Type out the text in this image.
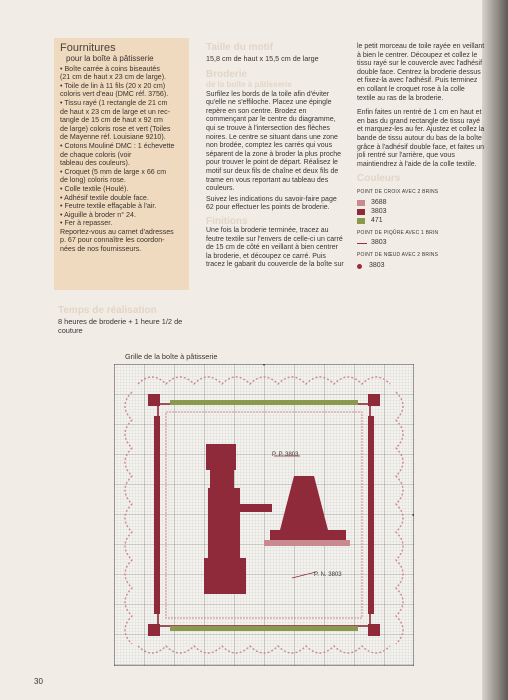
Fournitures
pour la boîte à pâtisserie
• Boîte carrée à coins biseautés
(21 cm de haut x 23 cm de large).
• Toile de lin à 11 fils (20 x 20 cm)
coloris vert d'eau (DMC réf. 3756).
• Tissu rayé (1 rectangle de 21 cm
de haut x 23 cm de large et un rec-
tangle de 15 cm de haut x 92 cm
de large) coloris rose et vert (Toiles
de Mayenne réf. Louisiane 9210).
• Cotons Mouliné DMC : 1 échevette
de chaque coloris (voir
tableau des couleurs).
• Croquet (5 mm de large x 66 cm
de long) coloris rose.
• Colle textile (Houlé).
• Adhésif textile double face.
• Feutre textile effaçable à l'air.
• Aiguille à broder n° 24.
• Fer à repasser.
Reportez-vous au carnet d'adresses
p. 67 pour connaître les coordon-
nées de nos fournisseurs.
Temps de réalisation
8 heures de broderie + 1 heure 1/2 de couture
Taille du motif
15,8 cm de haut x 15,5 cm de large
Broderie
de la boîte à pâtisserie

Surfilez les bords de la toile afin d'éviter qu'elle ne s'effiloche. Placez une épingle repère en son centre. Brodez en commençant par le centre du diagramme, qui se trouve à l'intersection des flèches noires. Le centre se situant dans une zone non brodée, comptez les carrés qui vous séparent de la zone à broder la plus proche pour trouver le point de départ. Réalisez le motif sur deux fils de chaîne et deux fils de trame en vous reportant au tableau des couleurs.

Suivez les indications du savoir-faire page 62 pour effectuer les points de broderie.

Finitions

Une fois la broderie terminée, tracez au feutre textile sur l'envers de celle-ci un carré de 15 cm de côté en veillant à bien centrer la broderie, et découpez ce carré. Puis tracez le gabarit du couvercle de la boîte sur

le petit morceau de toile rayée en veillant à bien le centrer. Découpez et collez le tissu rayé sur le couvercle avec l'adhésif double face. Centrez la broderie dessus et fixez-la avec l'adhésif. Puis terminez en collant le croquet rose à la colle textile au ras de la broderie.

Enfin faites un rentré de 1 cm en haut et en bas du grand rectangle de tissu rayé et marquez-les au fer. Ajustez et collez la bande de tissu autour du bas de la boîte grâce à l'adhésif double face, et faites un joli rentré sur l'arrière, que vous maintiendrez à l'aide de la colle textile.

Couleurs
POINT DE CROIX AVEC 2 BRINS
3688
3803
471
POINT DE PIQÛRE AVEC 1 BRIN
3803
POINT DE NŒUD AVEC 2 BRINS
3803
Grille de la boîte à pâtisserie
P. P. 3803
P. N. 3803
30
